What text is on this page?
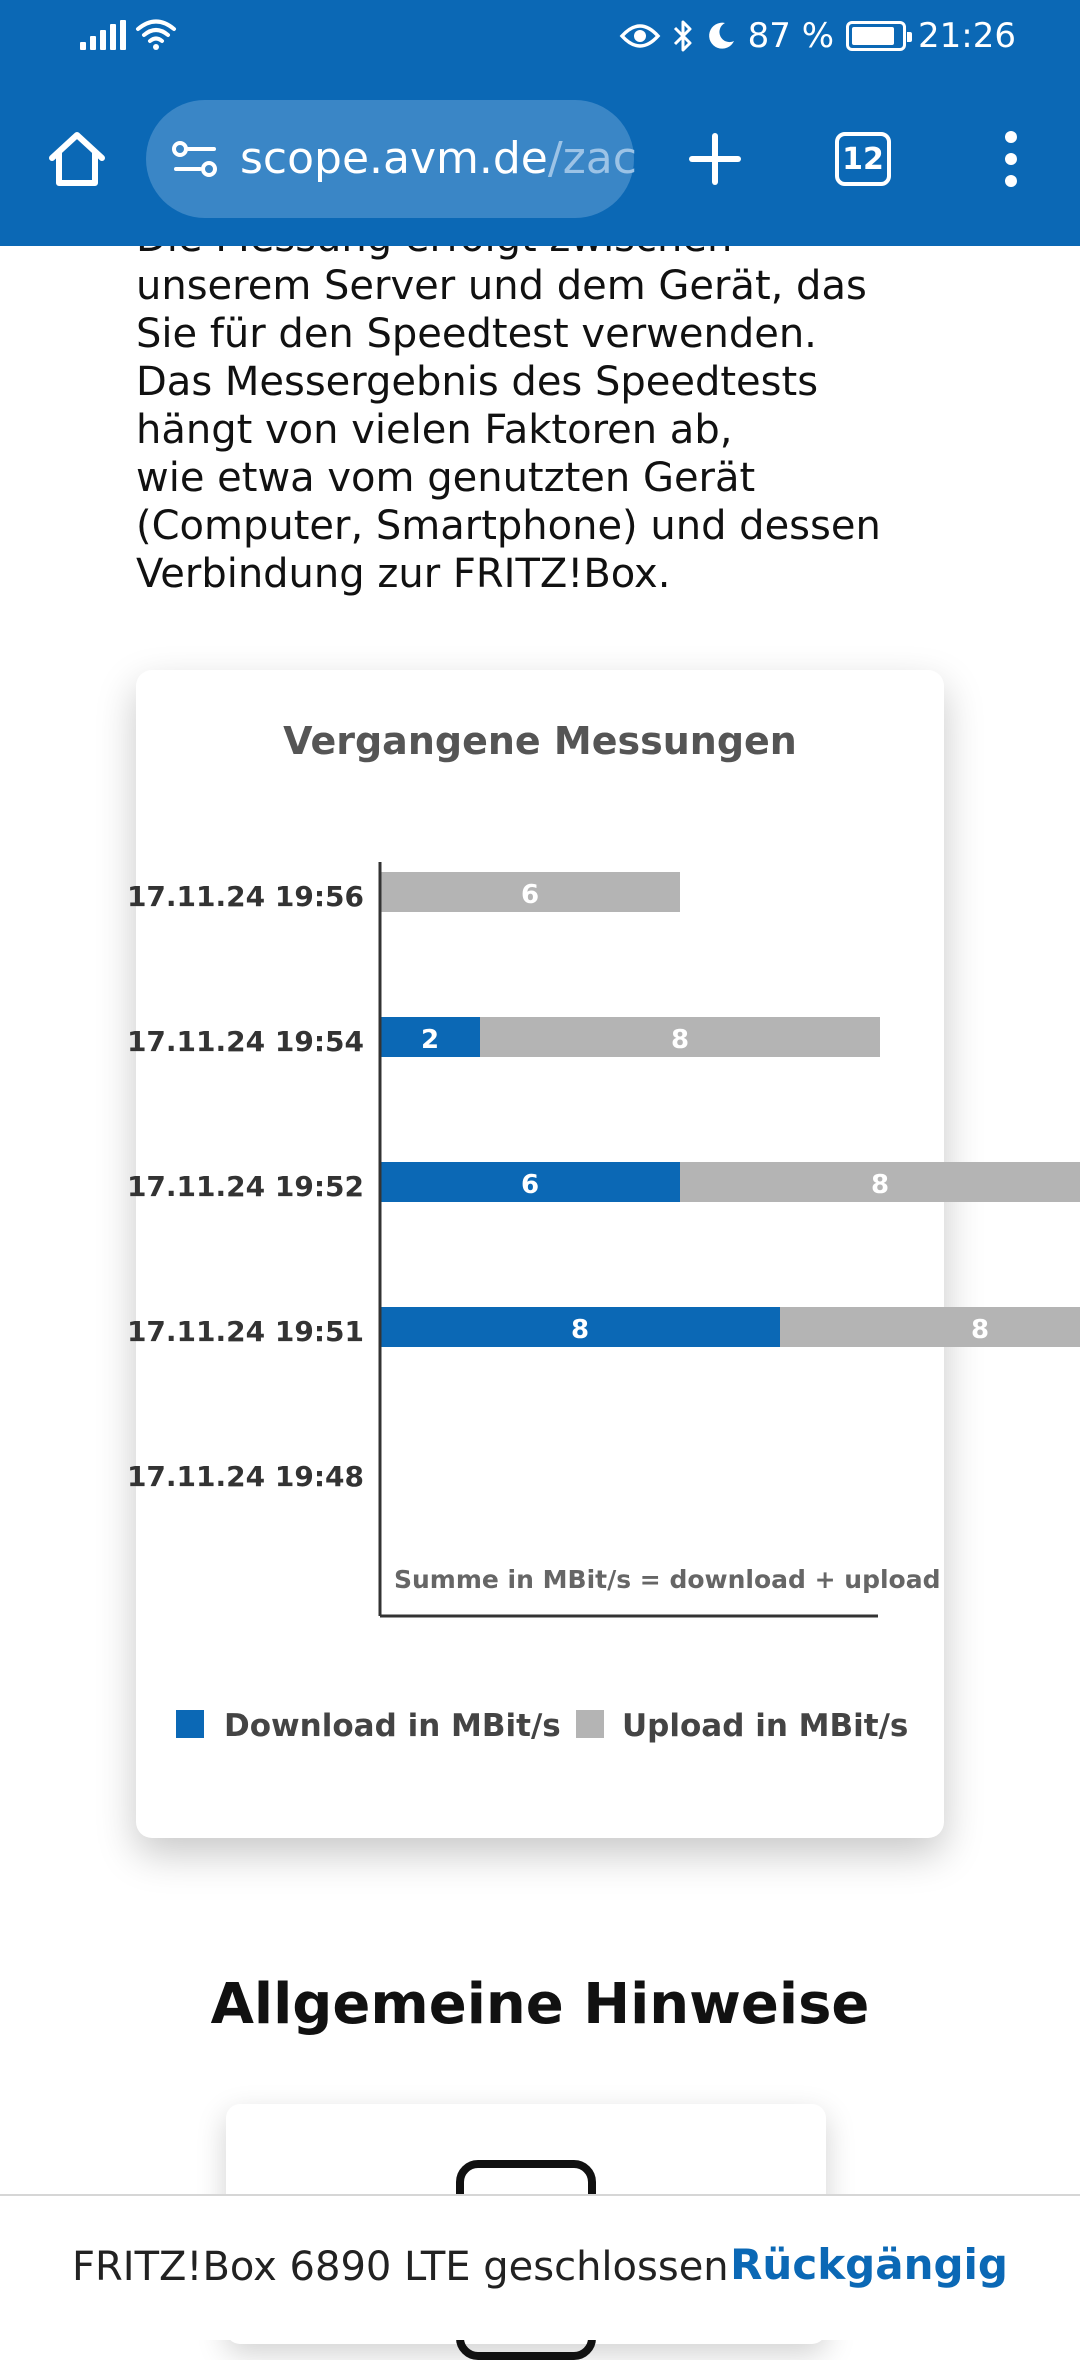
87 % 21:26
scope.avm.de/zac	12
unserem Server und dem Gerät, das
Sie für den Speedtest verwenden.
Das Messergebnis des Speedtests
hängt von vielen Faktoren ab,
wie etwa vom genutzten Gerät
(Computer, Smartphone) und dessen
Verbindung zur FRITZ!Box.
Vergangene Messungen
17.11.24 19:56	6
17.11.24 19:54 2	8
17.11.24 19:52	6	8
17.11.24 19:51	8	8
17.11.24 19:48
Summe in MBit/s = download + upload
Download in MBit/s Upload in MBit/s
Allgemeine Hinweise
FRITZ!Box 6890 LTE geschlossen Rückgängig
